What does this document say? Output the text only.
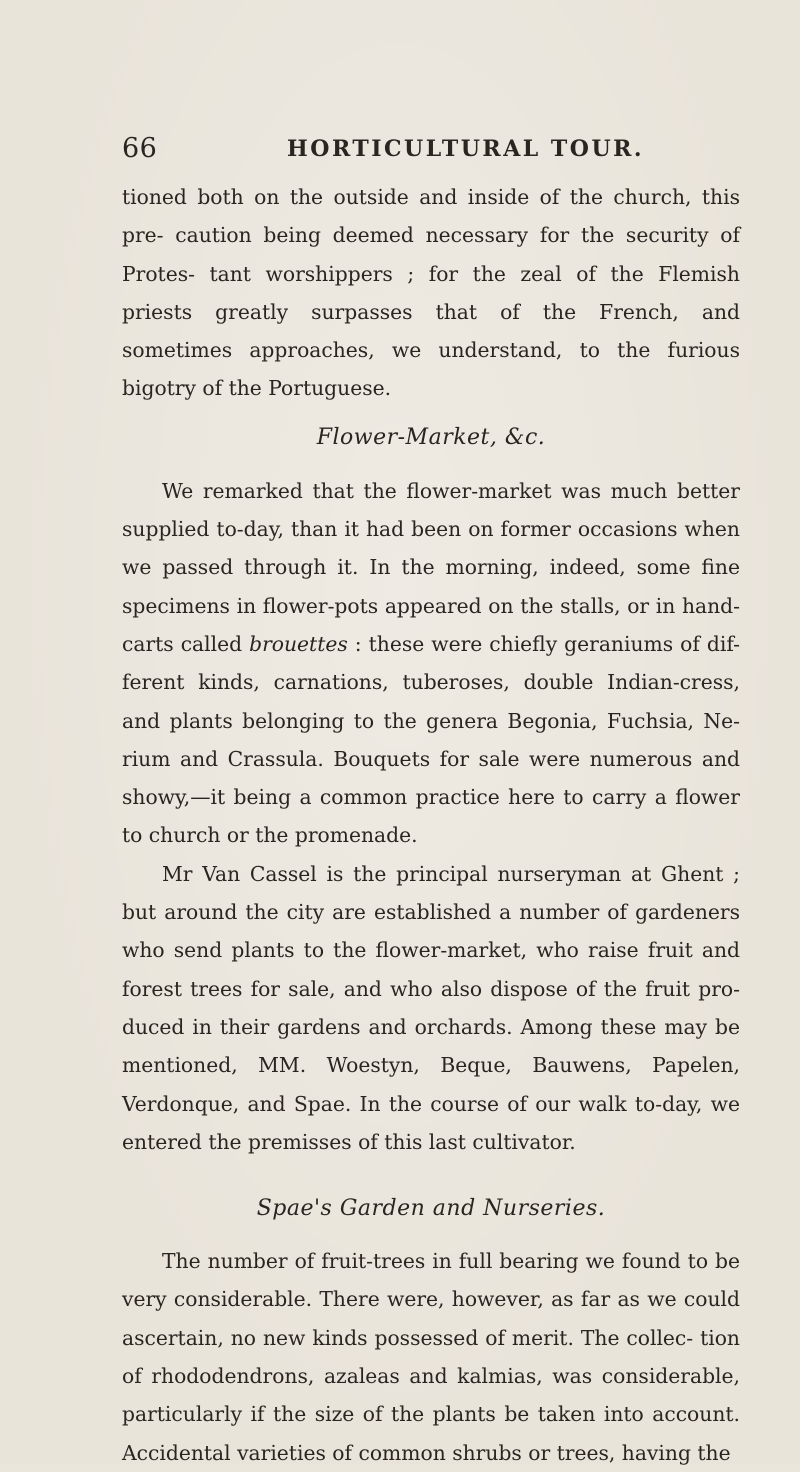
66	HORTICULTURAL TOUR.

tioned both on the outside and inside of the church, this pre- caution being deemed necessary for the security of Protes- tant worshippers ; for the zeal of the Flemish priests greatly surpasses that of the French, and sometimes approaches, we understand, to the furious bigotry of the Portuguese.

Flower-Market, &c.

We remarked that the flower-market was much better supplied to-day, than it had been on former occasions when we passed through it. In the morning, indeed, some fine specimens in flower-pots appeared on the stalls, or in hand- carts called brouettes : these were chiefly geraniums of dif- ferent kinds, carnations, tuberoses, double Indian-cress, and plants belonging to the genera Begonia, Fuchsia, Ne- rium and Crassula. Bouquets for sale were numerous and showy,—it being a common practice here to carry a flower to church or the promenade.

Mr Van Cassel is the principal nurseryman at Ghent ; but around the city are established a number of gardeners who send plants to the flower-market, who raise fruit and forest trees for sale, and who also dispose of the fruit pro- duced in their gardens and orchards. Among these may be mentioned, MM. Woestyn, Beque, Bauwens, Papelen, Verdonque, and Spae. In the course of our walk to-day, we entered the premisses of this last cultivator.

Spae's Garden and Nurseries.

The number of fruit-trees in full bearing we found to be very considerable. There were, however, as far as we could ascertain, no new kinds possessed of merit. The collec- tion of rhododendrons, azaleas and kalmias, was considerable, particularly if the size of the plants be taken into account. Accidental varieties of common shrubs or trees, having the
